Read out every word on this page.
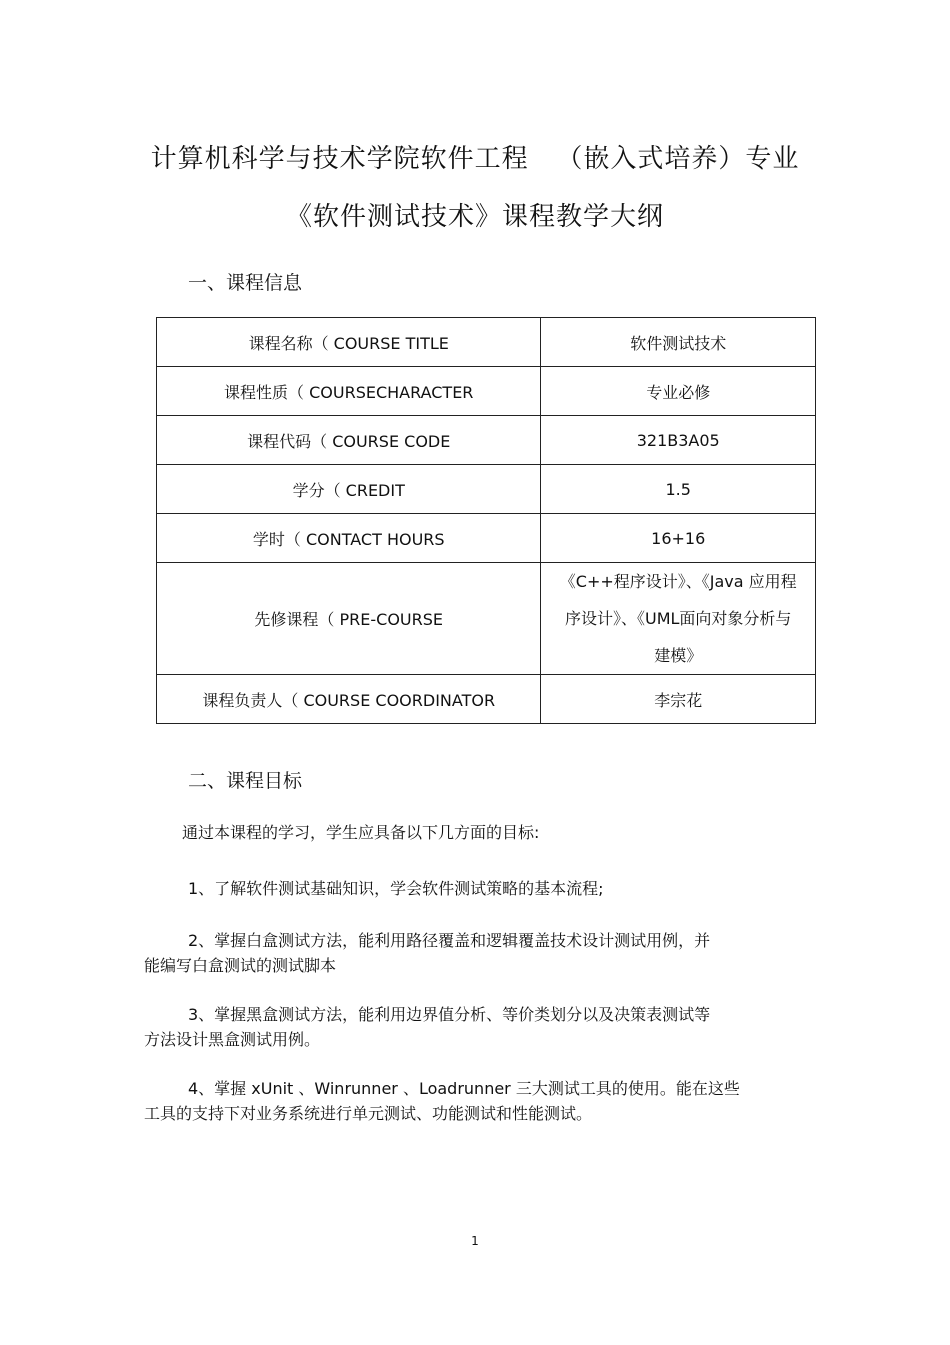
计算机科学与技术学院软件工程   （嵌入式培养）专业
《软件测试技术》课程教学大纲
一、课程信息
课程名称（ COURSE TITLE	软件测试技术
课程性质（ COURSECHARACTER	专业必修
课程代码（ COURSE CODE	321B3A05
学分（ CREDIT	1.5
学时（ CONTACT HOURS	16+16
先修课程（ PRE-COURSE	《C++程序设计》、《Java 应用程
序设计》、《UML面向对象分析与
建模》

课程负责人（ COURSE COORDINATOR	李宗花
二、课程目标
通过本课程的学习，学生应具备以下几方面的目标:
1、了解软件测试基础知识，学会软件测试策略的基本流程;
2、掌握白盒测试方法，能利用路径覆盖和逻辑覆盖技术设计测试用例，并
能编写白盒测试的测试脚本
3、掌握黑盒测试方法，能利用边界值分析、等价类划分以及决策表测试等
方法设计黑盒测试用例。
4、掌握 xUnit 、Winrunner 、Loadrunner 三大测试工具的使用。能在这些
工具的支持下对业务系统进行单元测试、功能测试和性能测试。
1
